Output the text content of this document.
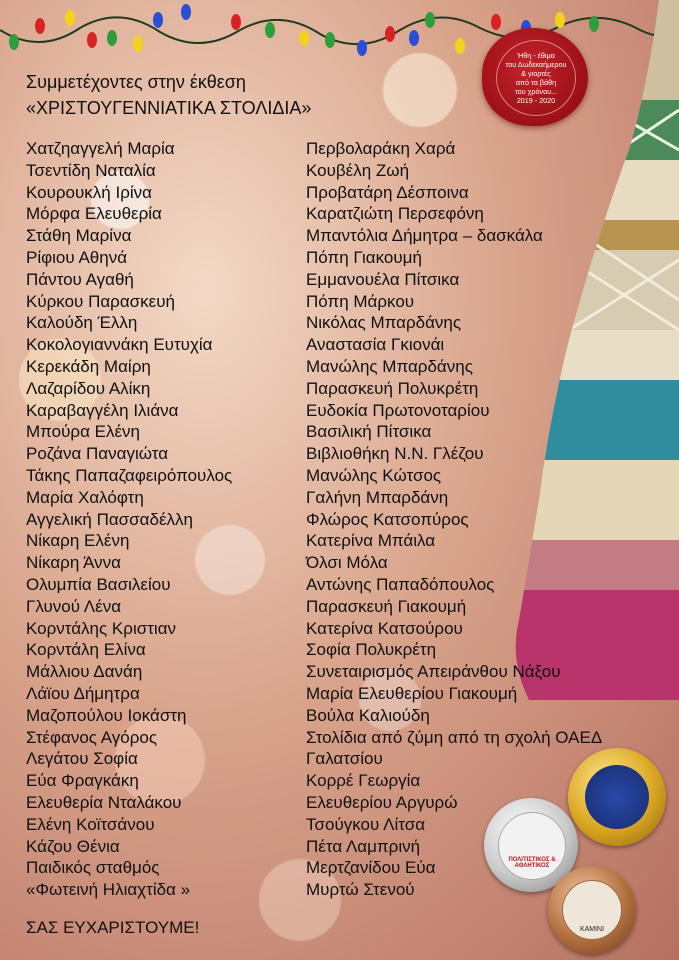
Ήθη - έθιμα
του Δωδεκαήμερου
& γιορτές
από τα βάθη
του χρόνου...
2019 - 2020
Συμμετέχοντες στην έκθεση
«ΧΡΙΣΤΟΥΓΕΝΝΙΑΤΙΚΑ ΣΤΟΛΙΔΙΑ»
Χατζηαγγελή Μαρία
Τσεντίδη Ναταλία
Κουρουκλή Ιρίνα
Μόρφα Ελευθερία
Στάθη Μαρίνα
Ρίφιου Αθηνά
Πάντου Αγαθή
Κύρκου Παρασκευή
Καλούδη Έλλη
Κοκολογιαννάκη Ευτυχία
Κερεκάδη Μαίρη
Λαζαρίδου Αλίκη
Καραβαγγέλη Ιλιάνα
Μπούρα Ελένη
Ροζάνα Παναγιώτα
Τάκης Παπαζαφειρόπουλος
Μαρία Χαλόφτη
Αγγελική Πασσαδέλλη
Νίκαρη Ελένη
Νίκαρη Άννα
Ολυμπία Βασιλείου
Γλυνού Λένα
Κορντάλης Κριστιαν
Κορντάλη Ελίνα
Μάλλιου Δανάη
Λάϊου Δήμητρα
Μαζοπούλου Ιοκάστη
Στέφανος Αγόρος
Λεγάτου Σοφία
Εύα Φραγκάκη
Ελευθερία Νταλάκου
Ελένη Κοϊτσάνου
Κάζου Θένια
Παιδικός σταθμός
«Φωτεινή Ηλιαχτίδα »
Περβολαράκη Χαρά
Κουβέλη Ζωή
Προβατάρη Δέσποινα
Καρατζιώτη Περσεφόνη
Μπαντόλια Δήμητρα – δασκάλα
Πόπη Γιακουμή
Εμμανουέλα Πίτσικα
Πόπη Μάρκου
Νικόλας Μπαρδάνης
Αναστασία Γκιονάι
Μανώλης Μπαρδάνης
Παρασκευή Πολυκρέτη
Ευδοκία Πρωτονοταρίου
Βασιλική Πίτσικα
Βιβλιοθήκη Ν.Ν. Γλέζου
Μανώλης Κώτσος
Γαλήνη Μπαρδάνη
Φλώρος Κατσοπύρος
Κατερίνα Μπάιλα
Όλσι Μόλα
Αντώνης Παπαδόπουλος
Παρασκευή Γιακουμή
Κατερίνα Κατσούρου
Σοφία Πολυκρέτη
Συνεταιρισμός Απειράνθου Νάξου
Μαρία Ελευθερίου Γιακουμή
Βούλα Καλιούδη
Στολίδια από ζύμη από τη σχολή ΟΑΕΔ
Γαλατσίου
Κορρέ Γεωργία
Ελευθερίου Αργυρώ
Τσούγκου Λίτσα
Πέτα Λαμπρινή
Μερτζανίδου Εύα
Μυρτώ Στενού
ΣΑΣ ΕΥΧΑΡΙΣΤΟΥΜΕ!
ΠΟΛΙΤΙΣΤΙΚΟΣ & ΑΘΛΗΤΙΚΟΣ
ΚΑΜΙΝΙ
